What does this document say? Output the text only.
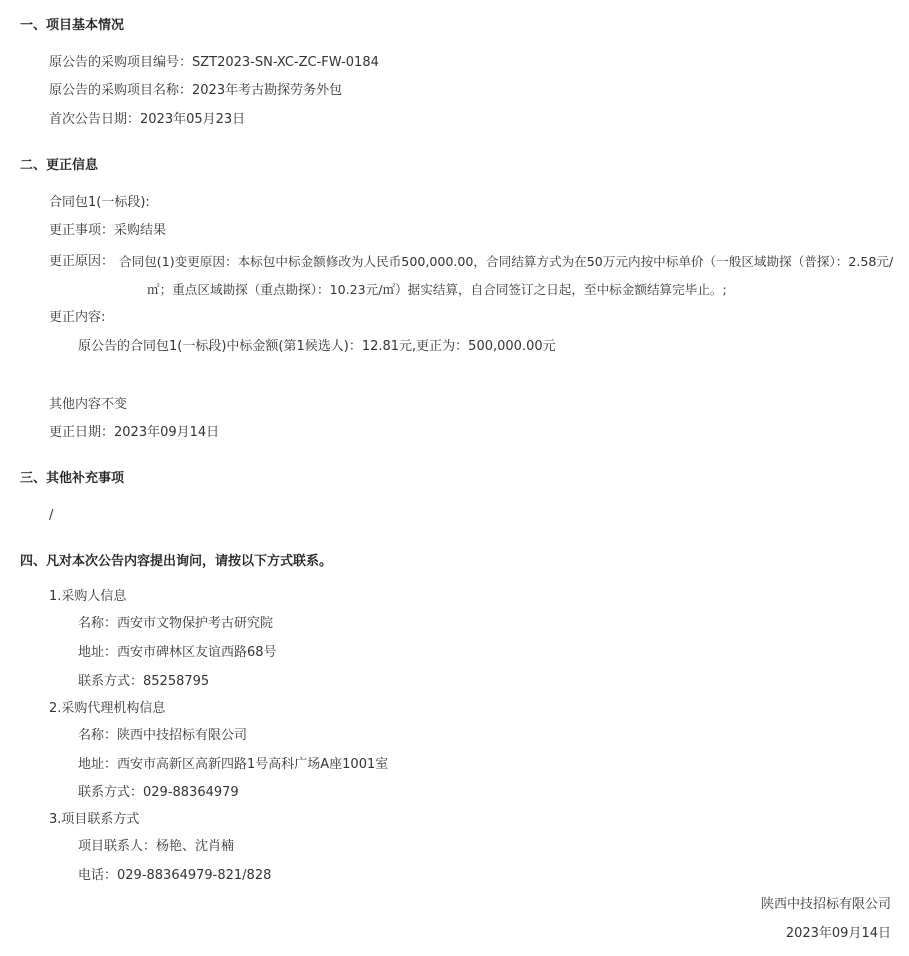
一、项目基本情况
原公告的采购项目编号：SZT2023-SN-XC-ZC-FW-0184
原公告的采购项目名称：2023年考古勘探劳务外包
首次公告日期：2023年05月23日
二、更正信息
合同包1(一标段):
更正事项：采购结果
更正原因： 合同包(1)变更原因：本标包中标金额修改为人民币500,000.00，合同结算方式为在50万元内按中标单价（一般区域勘探（普探）：2.58元/
㎡；重点区域勘探（重点勘探）：10.23元/㎡）据实结算，自合同签订之日起，至中标金额结算完毕止。;
更正内容:
原公告的合同包1(一标段)中标金额(第1候选人)：12.81元,更正为：500,000.00元
其他内容不变
更正日期：2023年09月14日
三、其他补充事项
/
四、凡对本次公告内容提出询问，请按以下方式联系。
1.采购人信息
名称：西安市文物保护考古研究院
地址：西安市碑林区友谊西路68号
联系方式：85258795
2.采购代理机构信息
名称：陕西中技招标有限公司
地址：西安市高新区高新四路1号高科广场A座1001室
联系方式：029-88364979
3.项目联系方式
项目联系人：杨艳、沈肖楠
电话：029-88364979-821/828
陕西中技招标有限公司
2023年09月14日
